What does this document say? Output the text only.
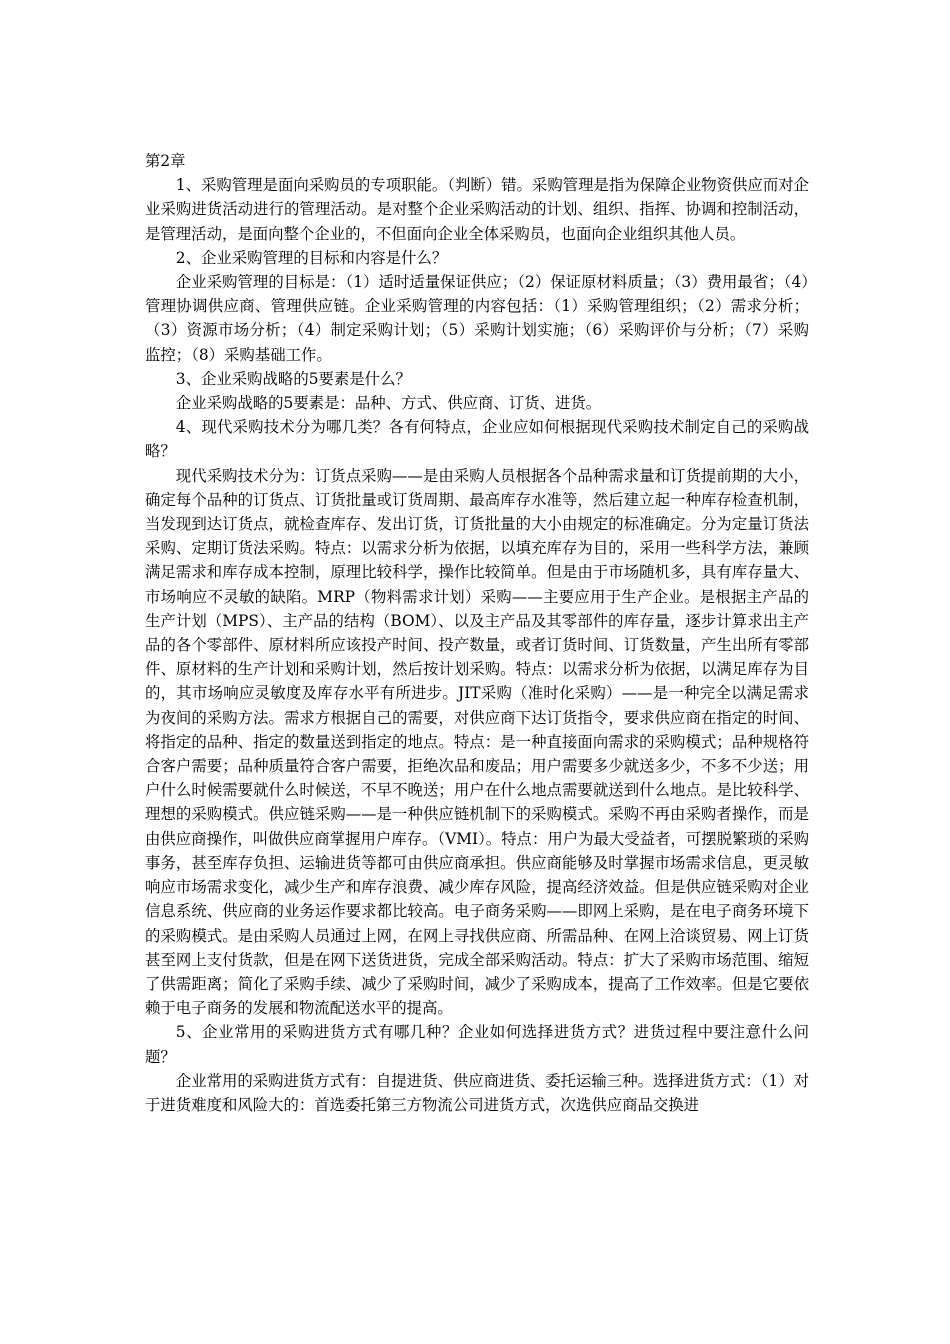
第2章

1、采购管理是面向采购员的专项职能。（判断）错。采购管理是指为保障企业物资供应而对企业采购进货活动进行的管理活动。是对整个企业采购活动的计划、组织、指挥、协调和控制活动，是管理活动，是面向整个企业的，不但面向企业全体采购员，也面向企业组织其他人员。

2、企业采购管理的目标和内容是什么？

企业采购管理的目标是：（1）适时适量保证供应；（2）保证原材料质量；（3）费用最省；（4）管理协调供应商、管理供应链。企业采购管理的内容包括：（1）采购管理组织；（2）需求分析；（3）资源市场分析；（4）制定采购计划；（5）采购计划实施；（6）采购评价与分析；（7）采购监控；（8）采购基础工作。

3、企业采购战略的5要素是什么？

企业采购战略的5要素是：品种、方式、供应商、订货、进货。

4、现代采购技术分为哪几类？各有何特点，企业应如何根据现代采购技术制定自己的采购战略？

现代采购技术分为：订货点采购——是由采购人员根据各个品种需求量和订货提前期的大小，确定每个品种的订货点、订货批量或订货周期、最高库存水准等，然后建立起一种库存检查机制，当发现到达订货点，就检查库存、发出订货，订货批量的大小由规定的标准确定。分为定量订货法采购、定期订货法采购。特点：以需求分析为依据，以填充库存为目的，采用一些科学方法，兼顾满足需求和库存成本控制，原理比较科学，操作比较简单。但是由于市场随机多，具有库存量大、市场响应不灵敏的缺陷。MRP（物料需求计划）采购——主要应用于生产企业。是根据主产品的生产计划（MPS）、主产品的结构（BOM）、以及主产品及其零部件的库存量，逐步计算求出主产品的各个零部件、原材料所应该投产时间、投产数量，或者订货时间、订货数量，产生出所有零部件、原材料的生产计划和采购计划，然后按计划采购。特点：以需求分析为依据，以满足库存为目的，其市场响应灵敏度及库存水平有所进步。JIT采购（准时化采购）——是一种完全以满足需求为夜间的采购方法。需求方根据自己的需要，对供应商下达订货指令，要求供应商在指定的时间、将指定的品种、指定的数量送到指定的地点。特点：是一种直接面向需求的采购模式；品种规格符合客户需要；品种质量符合客户需要，拒绝次品和废品；用户需要多少就送多少，不多不少送；用户什么时候需要就什么时候送，不早不晚送；用户在什么地点需要就送到什么地点。是比较科学、理想的采购模式。供应链采购——是一种供应链机制下的采购模式。采购不再由采购者操作，而是由供应商操作，叫做供应商掌握用户库存。（VMI）。特点：用户为最大受益者，可摆脱繁琐的采购事务，甚至库存负担、运输进货等都可由供应商承担。供应商能够及时掌握市场需求信息，更灵敏响应市场需求变化，减少生产和库存浪费、减少库存风险，提高经济效益。但是供应链采购对企业信息系统、供应商的业务运作要求都比较高。电子商务采购——即网上采购，是在电子商务环境下的采购模式。是由采购人员通过上网，在网上寻找供应商、所需品种、在网上洽谈贸易、网上订货甚至网上支付货款，但是在网下送货进货，完成全部采购活动。特点：扩大了采购市场范围、缩短了供需距离；简化了采购手续、减少了采购时间，减少了采购成本，提高了工作效率。但是它要依赖于电子商务的发展和物流配送水平的提高。

5、企业常用的采购进货方式有哪几种？企业如何选择进货方式？进货过程中要注意什么问题？

企业常用的采购进货方式有：自提进货、供应商进货、委托运输三种。选择进货方式：（1）对于进货难度和风险大的：首选委托第三方物流公司进货方式，次选供应商品交换进
